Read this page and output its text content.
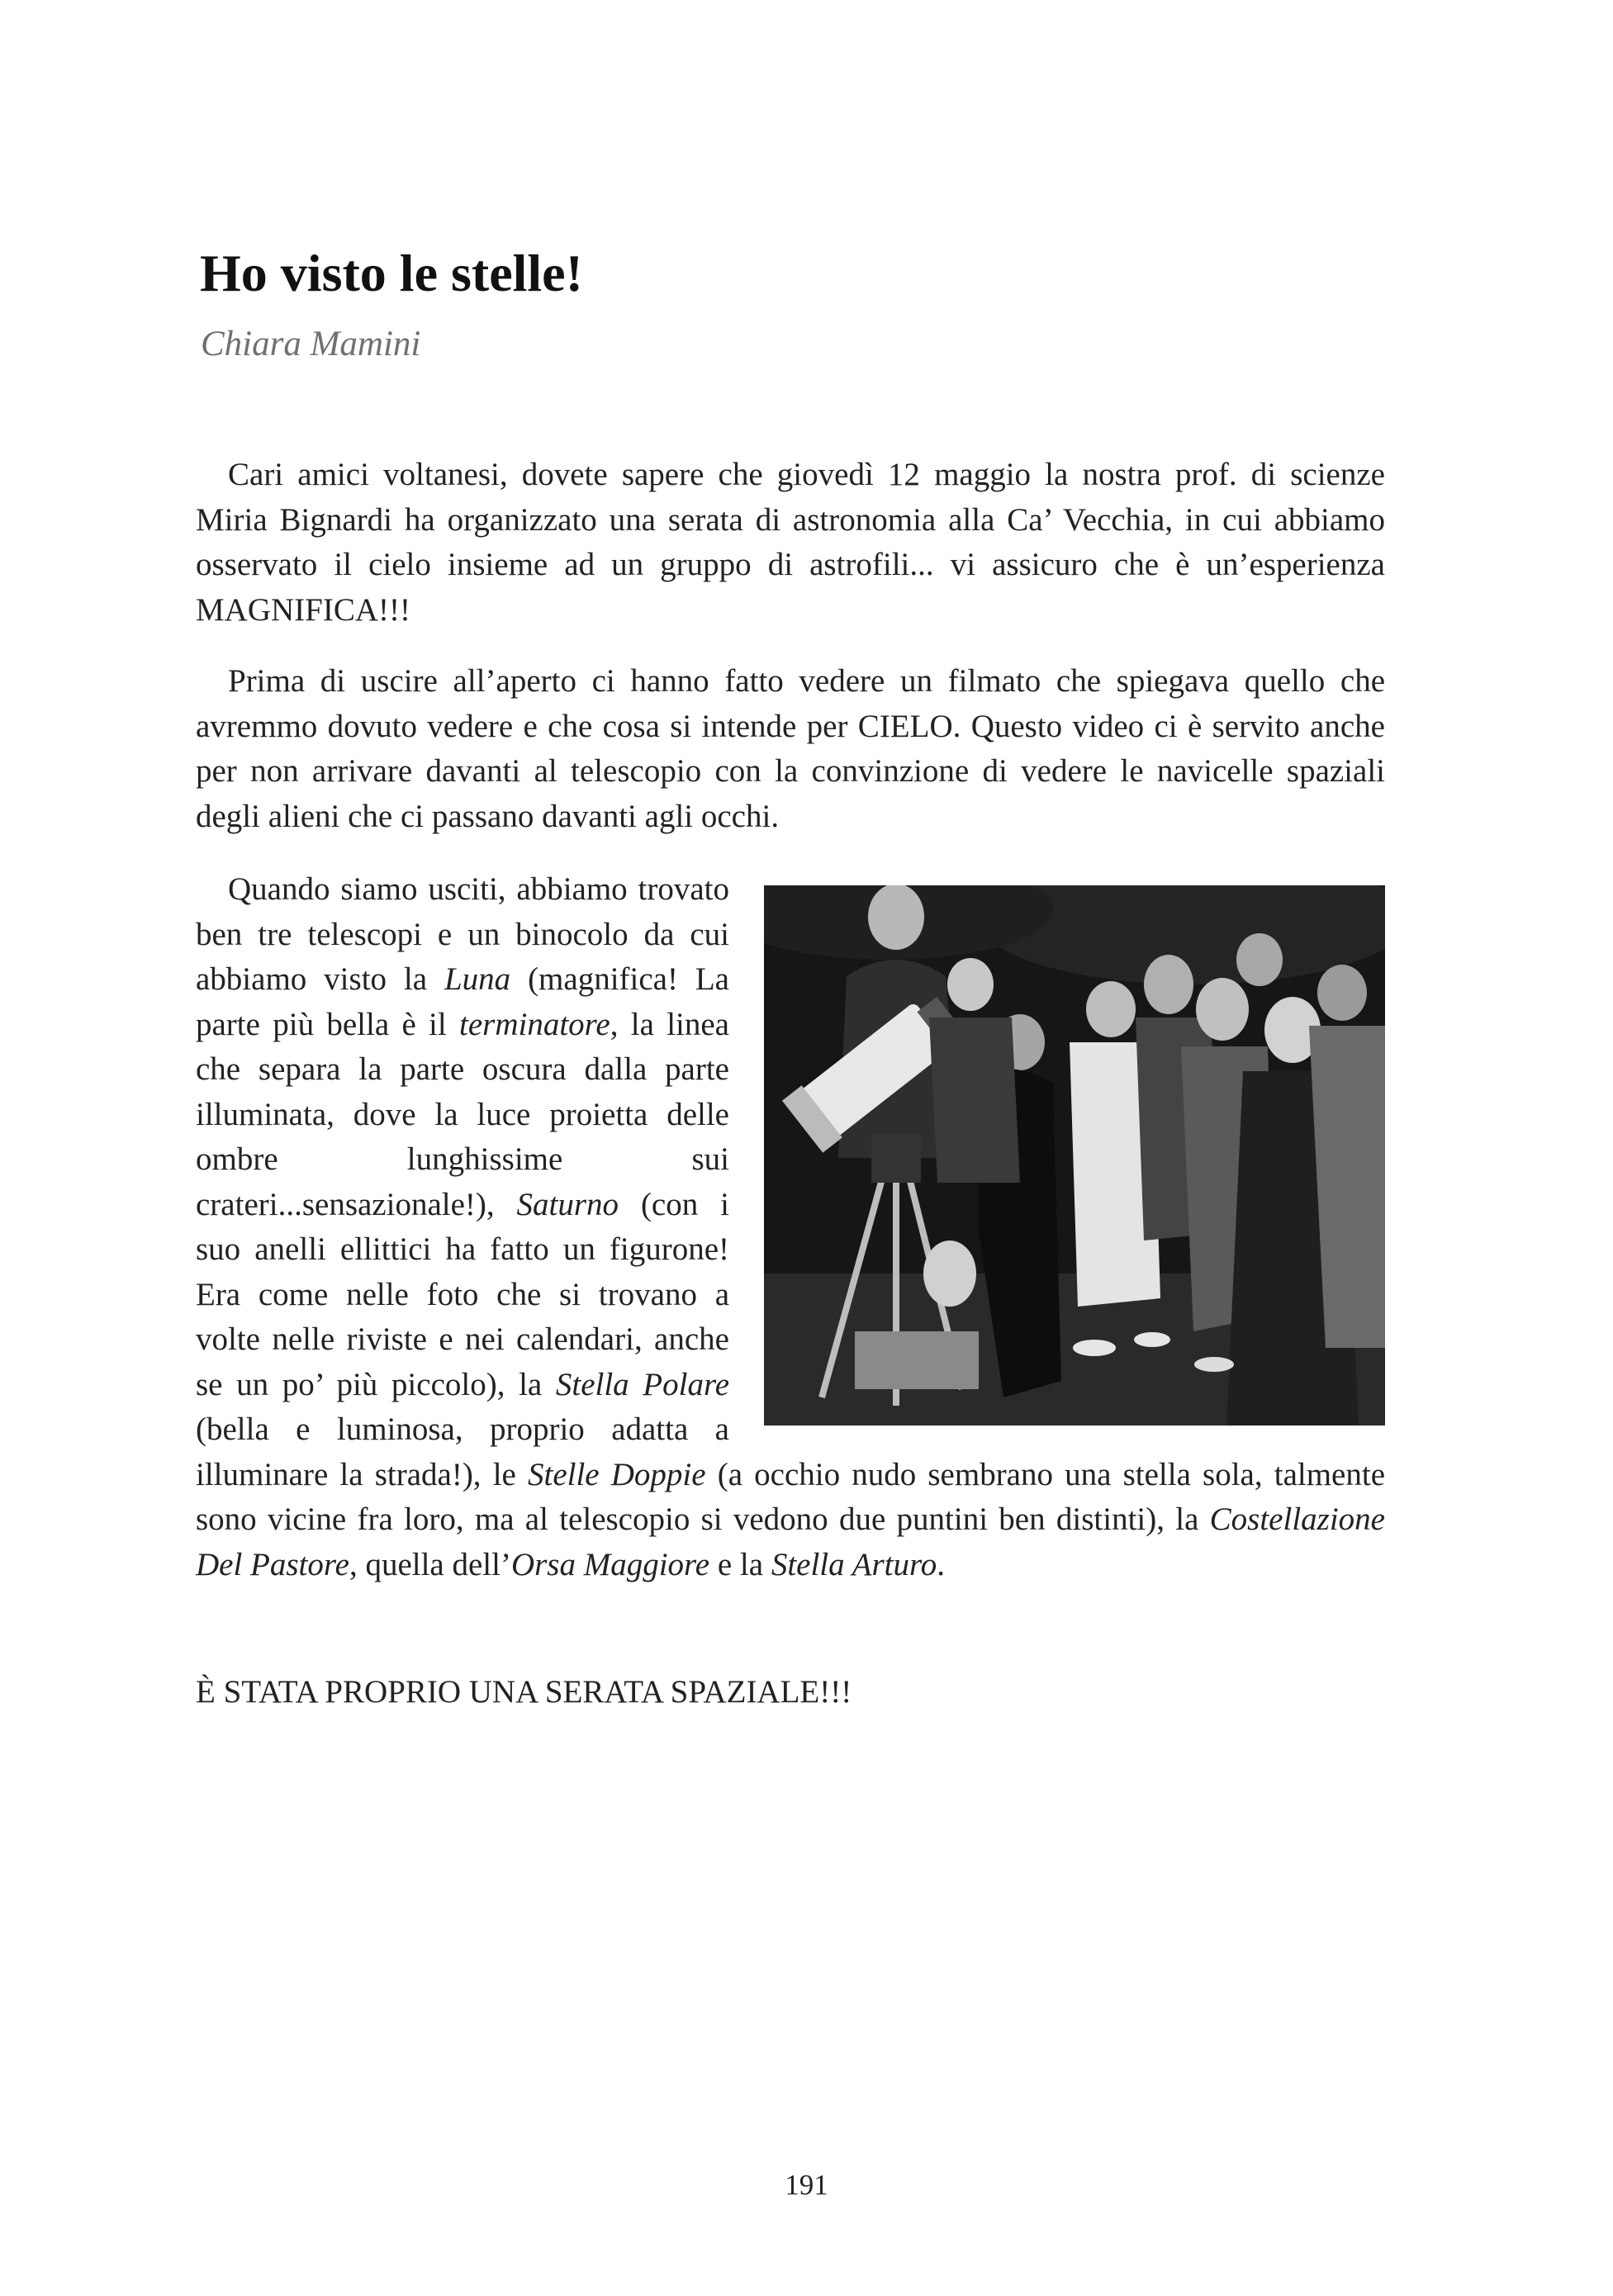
Ho visto le stelle!

Chiara Mamini

Cari amici voltanesi, dovete sapere che giovedì 12 maggio la nostra prof. di scienze Miria Bignardi ha organizzato una serata di astronomia alla Ca’ Vecchia, in cui abbiamo osservato il cielo insieme ad un gruppo di astrofili... vi assicuro che è un’esperienza MAGNIFICA!!!

Prima di uscire all’aperto ci hanno fatto vedere un filmato che spiegava quello che avremmo dovuto vedere e che cosa si intende per CIELO. Questo video ci è servito anche per non arrivare davanti al telescopio con la convinzione di vedere le navicelle spaziali degli alieni che ci passano davanti agli occhi.

Quando siamo usciti, abbiamo trovato ben tre telescopi e un binocolo da cui abbiamo visto la Luna (magnifica! La parte più bella è il terminatore, la linea che separa la parte oscura dalla parte illuminata, dove la luce proietta delle ombre lunghissime sui crateri...sensazionale!), Saturno (con i suo anelli ellittici ha fatto un figurone! Era come nelle foto che si trovano a volte nelle riviste e nei calendari, anche se un po’ più piccolo), la Stella Polare (bella e luminosa, proprio adatta a illuminare la strada!), le Stelle Doppie (a occhio nudo sembrano una stella sola, talmente sono vicine fra loro, ma al telescopio si vedono due puntini ben distinti), la Costellazione Del Pastore, quella dell’Orsa Maggiore e la Stella Arturo.

È STATA PROPRIO UNA SERATA SPAZIALE!!!

191
